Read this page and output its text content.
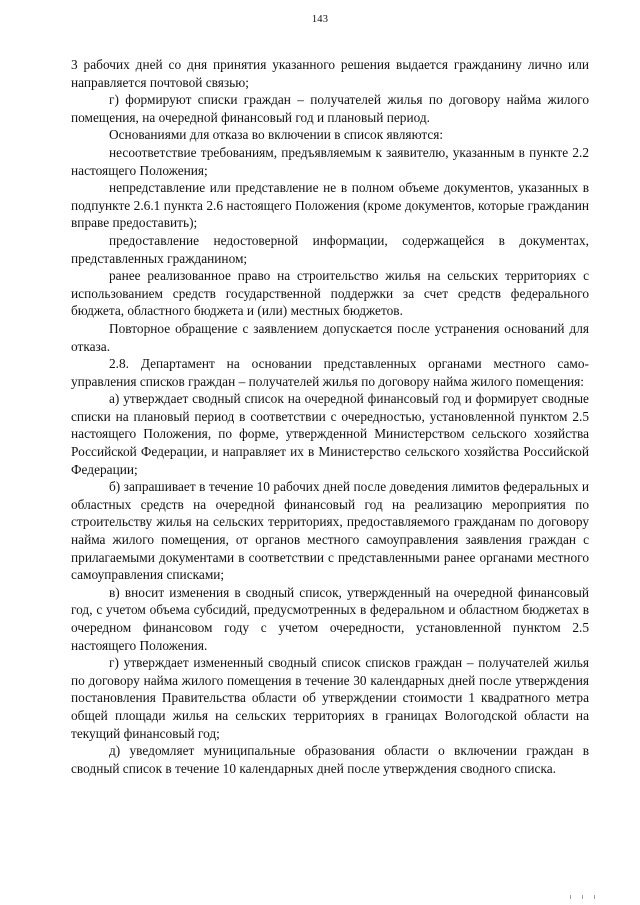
143

3 рабочих дней со дня принятия указанного решения выдается гражданину лично или направляется почтовой связью;

г) формируют списки граждан – получателей жилья по договору найма жилого помещения, на очередной финансовый год и плановый период.

Основаниями для отказа во включении в список являются:

несоответствие требованиям, предъявляемым к заявителю, указанным в пункте 2.2 настоящего Положения;

непредставление или представление не в полном объеме документов, указанных в подпункте 2.6.1 пункта 2.6 настоящего Положения (кроме документов, которые гражданин вправе предоставить);

предоставление недостоверной информации, содержащейся в документах, представленных гражданином;

ранее реализованное право на строительство жилья на сельских территориях с использованием средств государственной поддержки за счет средств федерального бюджета, областного бюджета и (или) местных бюджетов.

Повторное обращение с заявлением допускается после устранения оснований для отказа.

2.8. Департамент на основании представленных органами местного самоуправления списков граждан – получателей жилья по договору найма жилого помещения:

а) утверждает сводный список на очередной финансовый год и формирует сводные списки на плановый период в соответствии с очередностью, установленной пунктом 2.5 настоящего Положения, по форме, утвержденной Министерством сельского хозяйства Российской Федерации, и направляет их в Министерство сельского хозяйства Российской Федерации;

б) запрашивает в течение 10 рабочих дней после доведения лимитов федеральных и областных средств на очередной финансовый год на реализацию мероприятия по строительству жилья на сельских территориях, предоставляемого гражданам по договору найма жилого помещения, от органов местного самоуправления заявления граждан с прилагаемыми документами в соответствии с представленными ранее органами местного самоуправления списками;

в) вносит изменения в сводный список, утвержденный на очередной финансовый год, с учетом объема субсидий, предусмотренных в федеральном и областном бюджетах в очередном финансовом году с учетом очередности, установленной пунктом 2.5 настоящего Положения.

г) утверждает измененный сводный список списков граждан – получателей жилья по договору найма жилого помещения в течение 30 календарных дней после утверждения постановления Правительства области об утверждении стоимости 1 квадратного метра общей площади жилья на сельских территориях в границах Вологодской области на текущий финансовый год;

д) уведомляет муниципальные образования области о включении граждан в сводный список в течение 10 календарных дней после утверждения сводного списка.
